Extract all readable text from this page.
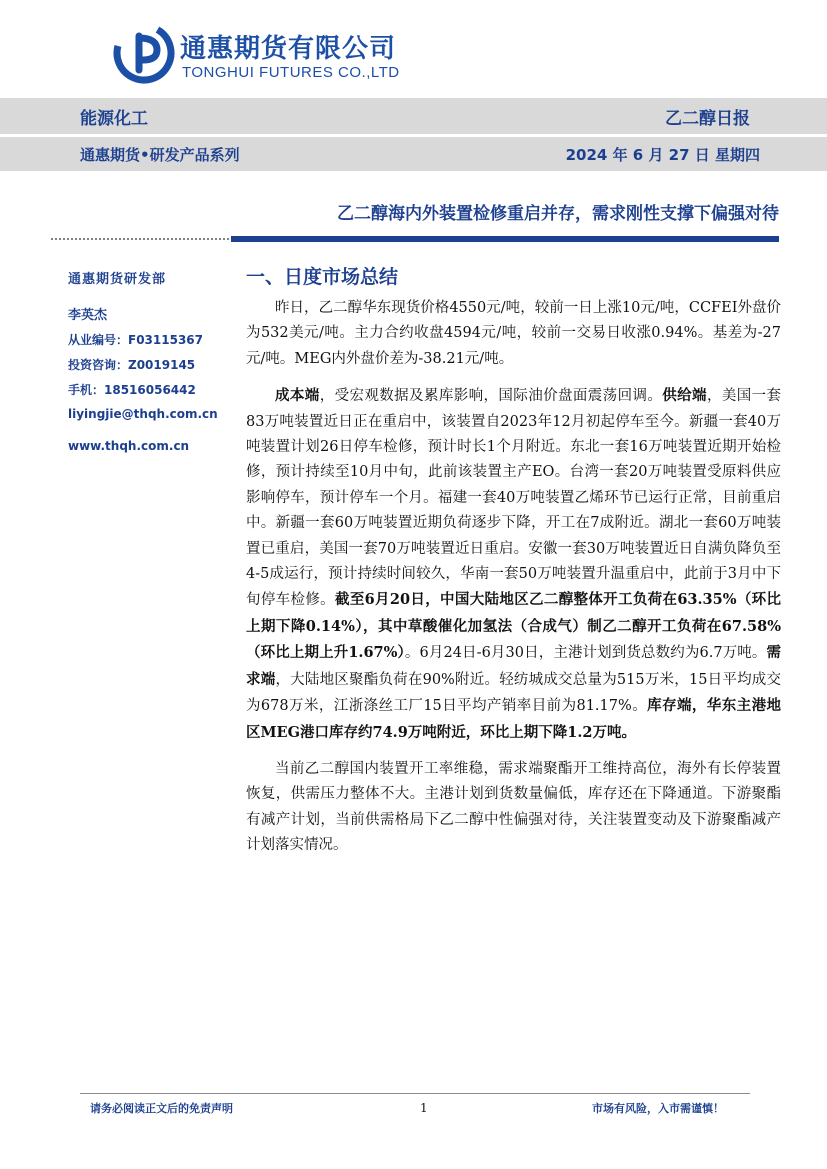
通惠期货有限公司
TONGHUI FUTURES CO.,LTD
能源化工	乙二醇日报
通惠期货•研发产品系列	2024 年 6 月 27 日 星期四
乙二醇海内外装置检修重启并存，需求刚性支撑下偏强对待
通惠期货研发部
李英杰
从业编号：F03115367
投资咨询：Z0019145
手机：18516056442
liyingjie@thqh.com.cn
www.thqh.com.cn
一、日度市场总结

昨日，乙二醇华东现货价格4550元/吨，较前一日上涨10元/吨，CCFEI外盘价为532美元/吨。主力合约收盘4594元/吨，较前一交易日收涨0.94%。基差为-27元/吨。MEG内外盘价差为-38.21元/吨。

成本端，受宏观数据及累库影响，国际油价盘面震荡回调。供给端，美国一套83万吨装置近日正在重启中，该装置自2023年12月初起停车至今。新疆一套40万吨装置计划26日停车检修，预计时长1个月附近。东北一套16万吨装置近期开始检修，预计持续至10月中旬，此前该装置主产EO。台湾一套20万吨装置受原料供应影响停车，预计停车一个月。福建一套40万吨装置乙烯环节已运行正常，目前重启中。新疆一套60万吨装置近期负荷逐步下降，开工在7成附近。湖北一套60万吨装置已重启，美国一套70万吨装置近日重启。安徽一套30万吨装置近日自满负降负至4-5成运行，预计持续时间较久，华南一套50万吨装置升温重启中，此前于3月中下旬停车检修。截至6月20日，中国大陆地区乙二醇整体开工负荷在63.35%（环比上期下降0.14%），其中草酸催化加氢法（合成气）制乙二醇开工负荷在67.58%（环比上期上升1.67%）。6月24日-6月30日，主港计划到货总数约为6.7万吨。需求端，大陆地区聚酯负荷在90%附近。轻纺城成交总量为515万米，15日平均成交为678万米，江浙涤丝工厂15日平均产销率目前为81.17%。库存端，华东主港地区MEG港口库存约74.9万吨附近，环比上期下降1.2万吨。

当前乙二醇国内装置开工率维稳，需求端聚酯开工维持高位，海外有长停装置恢复，供需压力整体不大。主港计划到货数量偏低，库存还在下降通道。下游聚酯有减产计划，当前供需格局下乙二醇中性偏强对待，关注装置变动及下游聚酯减产计划落实情况。

请务必阅读正文后的免责声明	1	市场有风险，入市需谨慎！
